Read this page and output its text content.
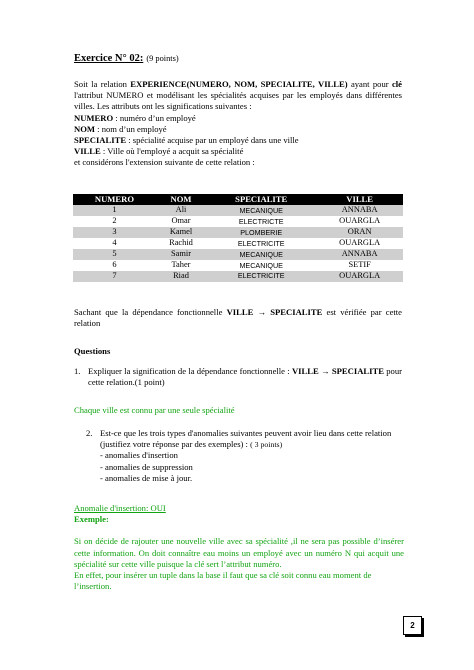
Exercice N° 02: (9 points)

Soit la relation EXPERIENCE(NUMERO, NOM, SPECIALITE, VILLE) ayant pour clé l'attribut NUMERO et modélisant les spécialités acquises par les employés dans différentes villes. Les attributs ont les significations suivantes :

NUMERO : numéro d’un employé

NOM : nom d’un employé

SPECIALITE : spécialité acquise par un employé dans une ville

VILLE : Ville où l'employé a acquit sa spécialité

et considérons l'extension suivante de cette relation :

NUMERO	NOM	SPECIALITE	VILLE
1	Ali	MECANIQUE	ANNABA
2	Omar	ELECTRICTE	OUARGLA
3	Kamel	PLOMBERIE	ORAN
4	Rachid	ELECTRICITE	OUARGLA
5	Samir	MECANIQUE	ANNABA
6	Taher	MECANIQUE	SETIF
7	Riad	ELECTRICITE	OUARGLA
Sachant que la dépendance fonctionnelle VILLE → SPECIALITE est vérifiée par cette relation
Questions
1. Expliquer la signification de la dépendance fonctionnelle : VILLE → SPECIALITE pour cette relation.(1 point)
Chaque ville est connu par une seule spécialité
2. Est-ce que les trois types d'anomalies suivantes peuvent avoir lieu dans cette relation (justifiez votre réponse par des exemples) : ( 3 points)
- anomalies d'insertion
- anomalies de suppression
- anomalies de mise à jour.

Anomalie d'insertion: OUI

Exemple:

Si on décide de rajouter une nouvelle ville avec sa spécialité ,il ne sera pas possible d’insérer cette information. On doit connaître eau moins un employé avec un numéro N qui acquit une spécialité sur cette ville puisque la clé sert l’attribut numéro.

En effet, pour insérer un tuple dans la base il faut que sa clé soit connu eau moment de l’insertion.

2
